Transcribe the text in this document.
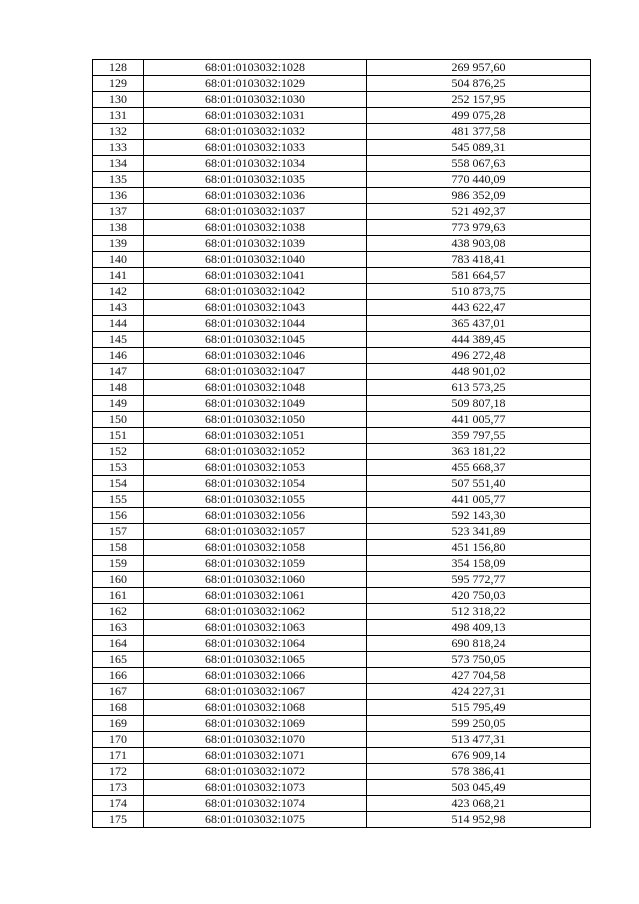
128	68:01:0103032:1028	269 957,60
129	68:01:0103032:1029	504 876,25
130	68:01:0103032:1030	252 157,95
131	68:01:0103032:1031	499 075,28
132	68:01:0103032:1032	481 377,58
133	68:01:0103032:1033	545 089,31
134	68:01:0103032:1034	558 067,63
135	68:01:0103032:1035	770 440,09
136	68:01:0103032:1036	986 352,09
137	68:01:0103032:1037	521 492,37
138	68:01:0103032:1038	773 979,63
139	68:01:0103032:1039	438 903,08
140	68:01:0103032:1040	783 418,41
141	68:01:0103032:1041	581 664,57
142	68:01:0103032:1042	510 873,75
143	68:01:0103032:1043	443 622,47
144	68:01:0103032:1044	365 437,01
145	68:01:0103032:1045	444 389,45
146	68:01:0103032:1046	496 272,48
147	68:01:0103032:1047	448 901,02
148	68:01:0103032:1048	613 573,25
149	68:01:0103032:1049	509 807,18
150	68:01:0103032:1050	441 005,77
151	68:01:0103032:1051	359 797,55
152	68:01:0103032:1052	363 181,22
153	68:01:0103032:1053	455 668,37
154	68:01:0103032:1054	507 551,40
155	68:01:0103032:1055	441 005,77
156	68:01:0103032:1056	592 143,30
157	68:01:0103032:1057	523 341,89
158	68:01:0103032:1058	451 156,80
159	68:01:0103032:1059	354 158,09
160	68:01:0103032:1060	595 772,77
161	68:01:0103032:1061	420 750,03
162	68:01:0103032:1062	512 318,22
163	68:01:0103032:1063	498 409,13
164	68:01:0103032:1064	690 818,24
165	68:01:0103032:1065	573 750,05
166	68:01:0103032:1066	427 704,58
167	68:01:0103032:1067	424 227,31
168	68:01:0103032:1068	515 795,49
169	68:01:0103032:1069	599 250,05
170	68:01:0103032:1070	513 477,31
171	68:01:0103032:1071	676 909,14
172	68:01:0103032:1072	578 386,41
173	68:01:0103032:1073	503 045,49
174	68:01:0103032:1074	423 068,21
175	68:01:0103032:1075	514 952,98
